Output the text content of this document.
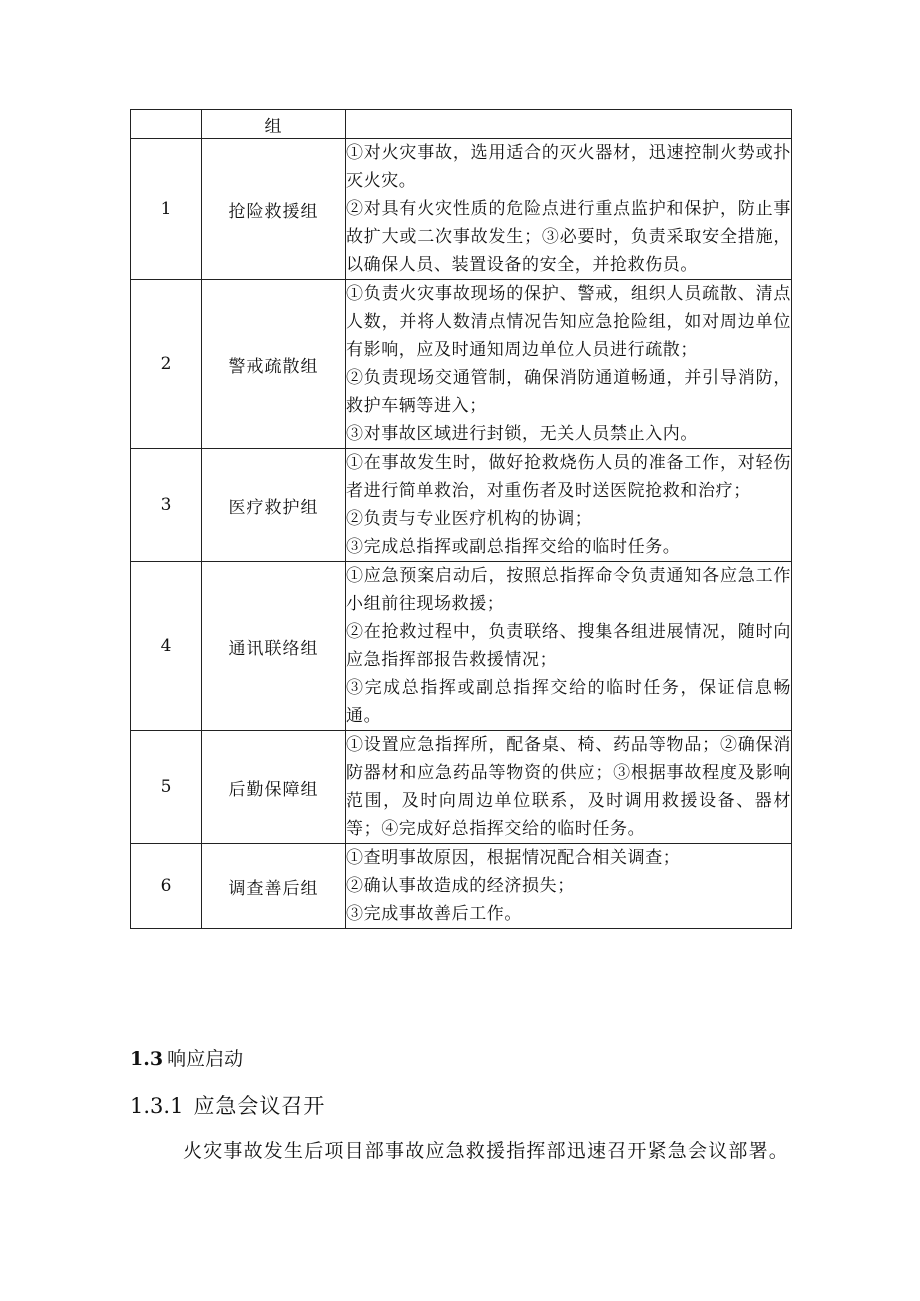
	组	
1	抢险救援组	①对火灾事故，选用适合的灭火器材，迅速控制火势或扑灭火灾。

②对具有火灾性质的危险点进行重点监护和保护，防止事故扩大或二次事故发生；③必要时，负责采取安全措施，以确保人员、装置设备的安全，并抢救伤员。

2	警戒疏散组	①负责火灾事故现场的保护、警戒，组织人员疏散、清点人数，并将人数清点情况告知应急抢险组，如对周边单位有影响，应及时通知周边单位人员进行疏散；

②负责现场交通管制，确保消防通道畅通，并引导消防，救护车辆等进入；

③对事故区域进行封锁，无关人员禁止入内。

3	医疗救护组	①在事故发生时，做好抢救烧伤人员的准备工作，对轻伤者进行简单救治，对重伤者及时送医院抢救和治疗；

②负责与专业医疗机构的协调；

③完成总指挥或副总指挥交给的临时任务。

4	通讯联络组	①应急预案启动后，按照总指挥命令负责通知各应急工作小组前往现场救援；

②在抢救过程中，负责联络、搜集各组进展情况，随时向应急指挥部报告救援情况；

③完成总指挥或副总指挥交给的临时任务，保证信息畅通。

5	后勤保障组	①设置应急指挥所，配备桌、椅、药品等物品；②确保消防器材和应急药品等物资的供应；③根据事故程度及影响范围，及时向周边单位联系，及时调用救援设备、器材等；④完成好总指挥交给的临时任务。

6	调查善后组	①查明事故原因，根据情况配合相关调查；

②确认事故造成的经济损失；

③完成事故善后工作。

1.3 响应启动
1.3.1 应急会议召开
火灾事故发生后项目部事故应急救援指挥部迅速召开紧急会议部署。
